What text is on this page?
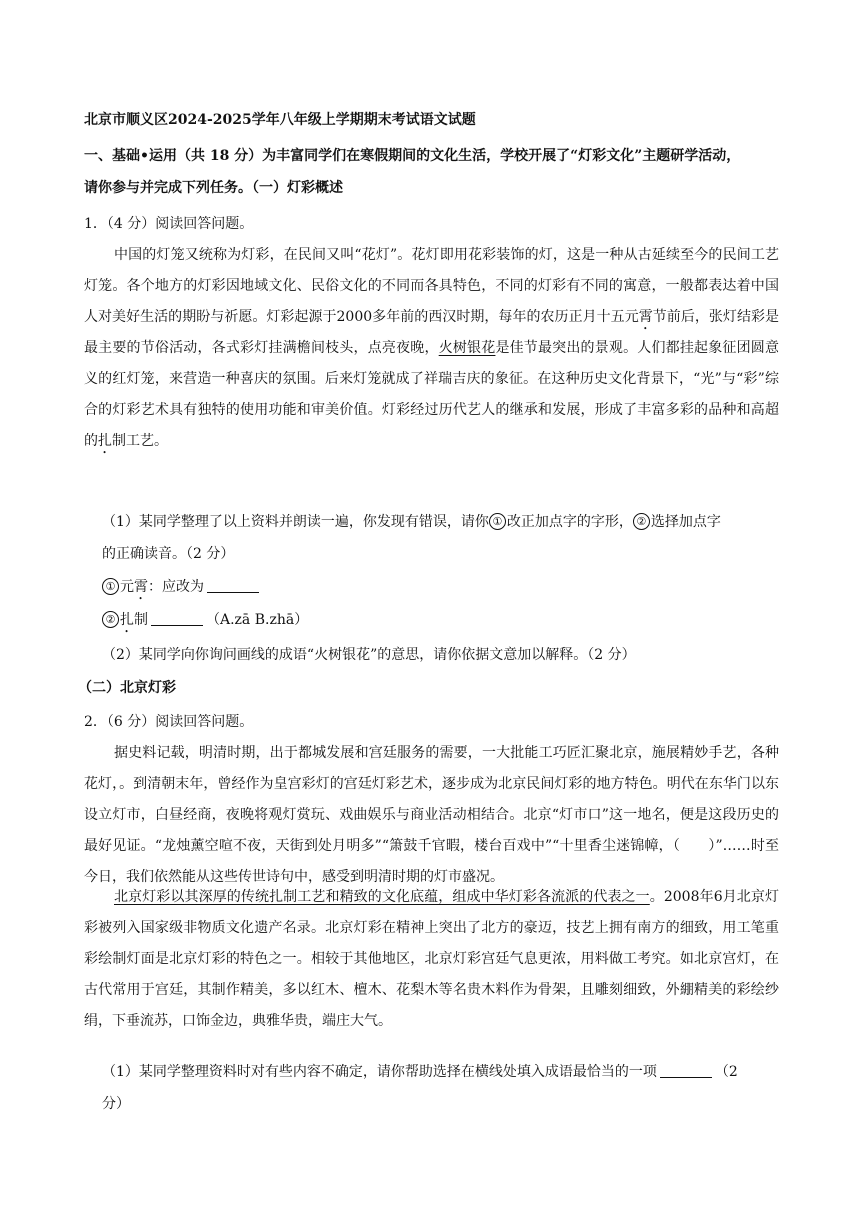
北京市顺义区2024-2025学年八年级上学期期末考试语文试题
一、基础•运用（共 18 分）为丰富同学们在寒假期间的文化生活，学校开展了“灯彩文化”主题研学活动，
请你参与并完成下列任务。（一）灯彩概述
1．（4 分）阅读回答问题。
中国的灯笼又统称为灯彩，在民间又叫“花灯”。花灯即用花彩装饰的灯，这是一种从古延续至今的民间工艺灯笼。各个地方的灯彩因地域文化、民俗文化的不同而各具特色，不同的灯彩有不同的寓意，一般都表达着中国人对美好生活的期盼与祈愿。灯彩起源于2000多年前的西汉时期，每年的农历正月十五元霄节前后，张灯结彩是最主要的节俗活动，各式彩灯挂满檐间枝头，点亮夜晚，火树银花是佳节最突出的景观。人们都挂起象征团圆意义的红灯笼，来营造一种喜庆的氛围。后来灯笼就成了祥瑞吉庆的象征。在这种历史文化背景下，“光”与“彩”综合的灯彩艺术具有独特的使用功能和审美价值。灯彩经过历代艺人的继承和发展，形成了丰富多彩的品种和高超的扎制工艺。
（1）某同学整理了以上资料并朗读一遍，你发现有错误，请你 ① 改正加点字的字形， ② 选择加点字
的正确读音。（2 分）
① 元霄：应改为
② 扎制	（A.zā B.zhā）
（2）某同学向你询问画线的成语“火树银花”的意思，请你依据文意加以解释。（2 分）
（二）北京灯彩
2．（6 分）阅读回答问题。
据史料记载，明清时期，出于都城发展和宫廷服务的需要，一大批能工巧匠汇聚北京，施展精妙手艺，各种花灯，。到清朝末年，曾经作为皇宫彩灯的宫廷灯彩艺术，逐步成为北京民间灯彩的地方特色。明代在东华门以东设立灯市，白昼经商，夜晚将观灯赏玩、戏曲娱乐与商业活动相结合。北京“灯市口”这一地名，便是这段历史的最好见证。“龙烛薰空喧不夜，天街到处月明多”“箫鼓千官暇，楼台百戏中”“十里香尘迷锦幛，（　　）”……时至今日，我们依然能从这些传世诗句中，感受到明清时期的灯市盛况。
北京灯彩以其深厚的传统扎制工艺和精致的文化底蕴，组成中华灯彩各流派的代表之一。2008年6月北京灯彩被列入国家级非物质文化遗产名录。北京灯彩在精神上突出了北方的豪迈，技艺上拥有南方的细致，用工笔重彩绘制灯面是北京灯彩的特色之一。相较于其他地区，北京灯彩宫廷气息更浓，用料做工考究。如北京宫灯，在古代常用于宫廷，其制作精美，多以红木、檀木、花梨木等名贵木料作为骨架，且雕刻细致，外綳精美的彩绘纱绢，下垂流苏，口饰金边，典雅华贵，端庄大气。
（1）某同学整理资料时对有些内容不确定，请你帮助选择在横线处填入成语最恰当的一项	（2
分）
